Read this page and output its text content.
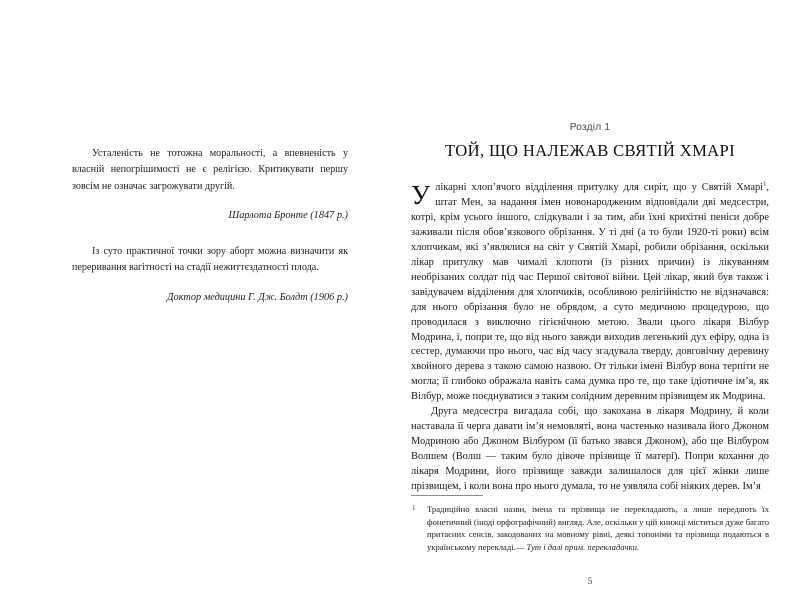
Усталеність не тотожна моральності, а впевненість у власній непогрішимості не є релігією. Критикувати першу зовсім не означає загрожувати другій.

Шарлота Бронте (1847 р.)

Із суто практичної точки зору аборт можна визначити як переривання вагітності на стадії нежиттєздатності плода.

Доктор медицини Г. Дж. Болдт (1906 р.)

Розділ 1
ТОЙ, ЩО НАЛЕЖАВ СВЯТІЙ ХМАРІ

У лікарні хлоп’ячого відділення притулку для сиріт, що у Святій Хмарі$^1$, штат Мен, за надання імен новонародженим відповідали дві медсестри, котрі, крім усього іншого, слідкували і за тим, аби їхні крихітні пеніси добре заживали після обов’язкового обрізання. У ті дні (а то були 1920-ті роки) всім хлопчикам, які з’являлися на світ у Святій Хмарі, робили обрізання, оскільки лікар притулку мав чималі клопоти (із різних причин) із лікуванням необрізаних солдат під час Першої світової війни. Цей лікар, який був також і завідувачем відділення для хлопчиків, особливою релігійністю не відзначався: для нього обрізання було не обрядом, а суто медичною процедурою, що проводилася з виключно гігієнічною метою. Звали цього лікаря Вілбур Модрина, і, попри те, що від нього завжди виходив легенький дух ефіру, одна із сестер, думаючи про нього, час від часу згадувала тверду, довговічну деревину хвойного дерева з такою самою назвою. От тільки імені Вілбур вона терпіти не могла; її глибоко ображала навіть сама думка про те, що таке ідіотичне ім’я, як Вілбур, може поєднуватися з таким солідним деревним прізвищем як Модрина.

Друга медсестра вигадала собі, що закохана в лікаря Модрину, й коли наставала її черга давати ім’я немовляті, вона частенько називала його Джоном Модриною або Джоном Вілбуром (її батько звався Джоном), або ще Вілбуром Волшем (Волш — таким було дівоче прізвище її матері). Попри кохання до лікаря Модрини, його прізвище завжди залишалося для цієї жінки лише прізвищем, і коли вона про нього думала, то не уявляла собі ніяких дерев. Ім’я

1 Традиційно власні назви, імена та прізвища не перекладають, а лише передають їх фонетичний (іноді орфографічний) вигляд. Але, оскільки у цій книжці міститься дуже багато притаєних сенсів, закодованих на мовному рівні, деякі топоніми та прізвища подаються в українському перекладі.— Тут і далі прим. перекладачки.

5
